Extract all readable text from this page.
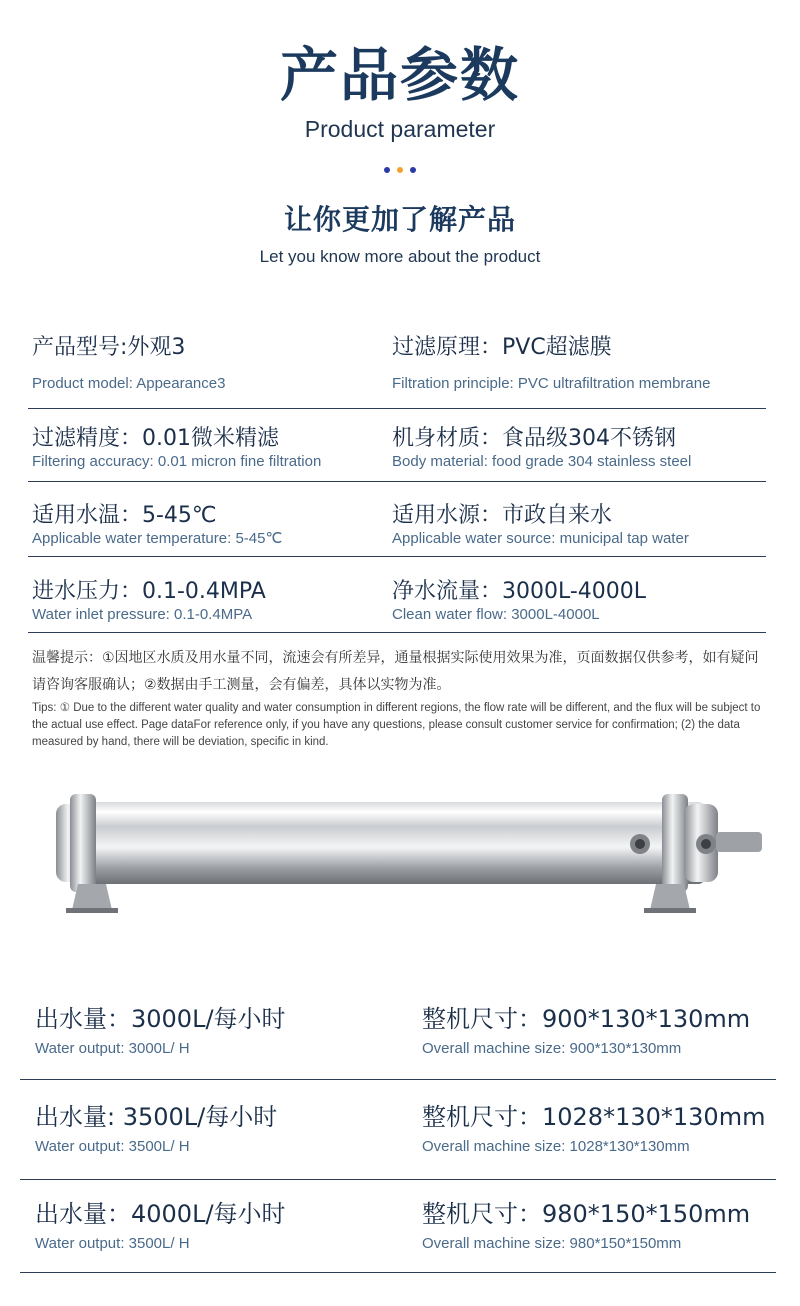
产品参数
Product parameter
让你更加了解产品
Let you know more about the product
产品型号:外观3
Product model: Appearance3
过滤原理：PVC超滤膜
Filtration principle: PVC ultrafiltration membrane
过滤精度：0.01微米精滤
Filtering accuracy: 0.01 micron fine filtration
机身材质：食品级304不锈钢
Body material: food grade 304 stainless steel
适用水温：5-45℃
Applicable water temperature: 5-45℃
适用水源：市政自来水
Applicable water source: municipal tap water
进水压力：0.1-0.4MPA
Water inlet pressure: 0.1-0.4MPA
净水流量：3000L-4000L
Clean water flow: 3000L-4000L
温馨提示：①因地区水质及用水量不同，流速会有所差异，通量根据实际使用效果为准，页面数据仅供参考，如有疑问请咨询客服确认；②数据由手工测量，会有偏差，具体以实物为准。
Tips: ① Due to the different water quality and water consumption in different regions, the flow rate will be different, and the flux will be subject to the actual use effect. Page dataFor reference only, if you have any questions, please consult customer service for confirmation; (2) the data measured by hand, there will be deviation, specific in kind.
出水量：3000L/每小时
Water output: 3000L/ H
整机尺寸：900*130*130mm
Overall machine size: 900*130*130mm
出水量: 3500L/每小时
Water output: 3500L/ H
整机尺寸：1028*130*130mm
Overall machine size: 1028*130*130mm
出水量：4000L/每小时
Water output: 3500L/ H
整机尺寸：980*150*150mm
Overall machine size: 980*150*150mm
